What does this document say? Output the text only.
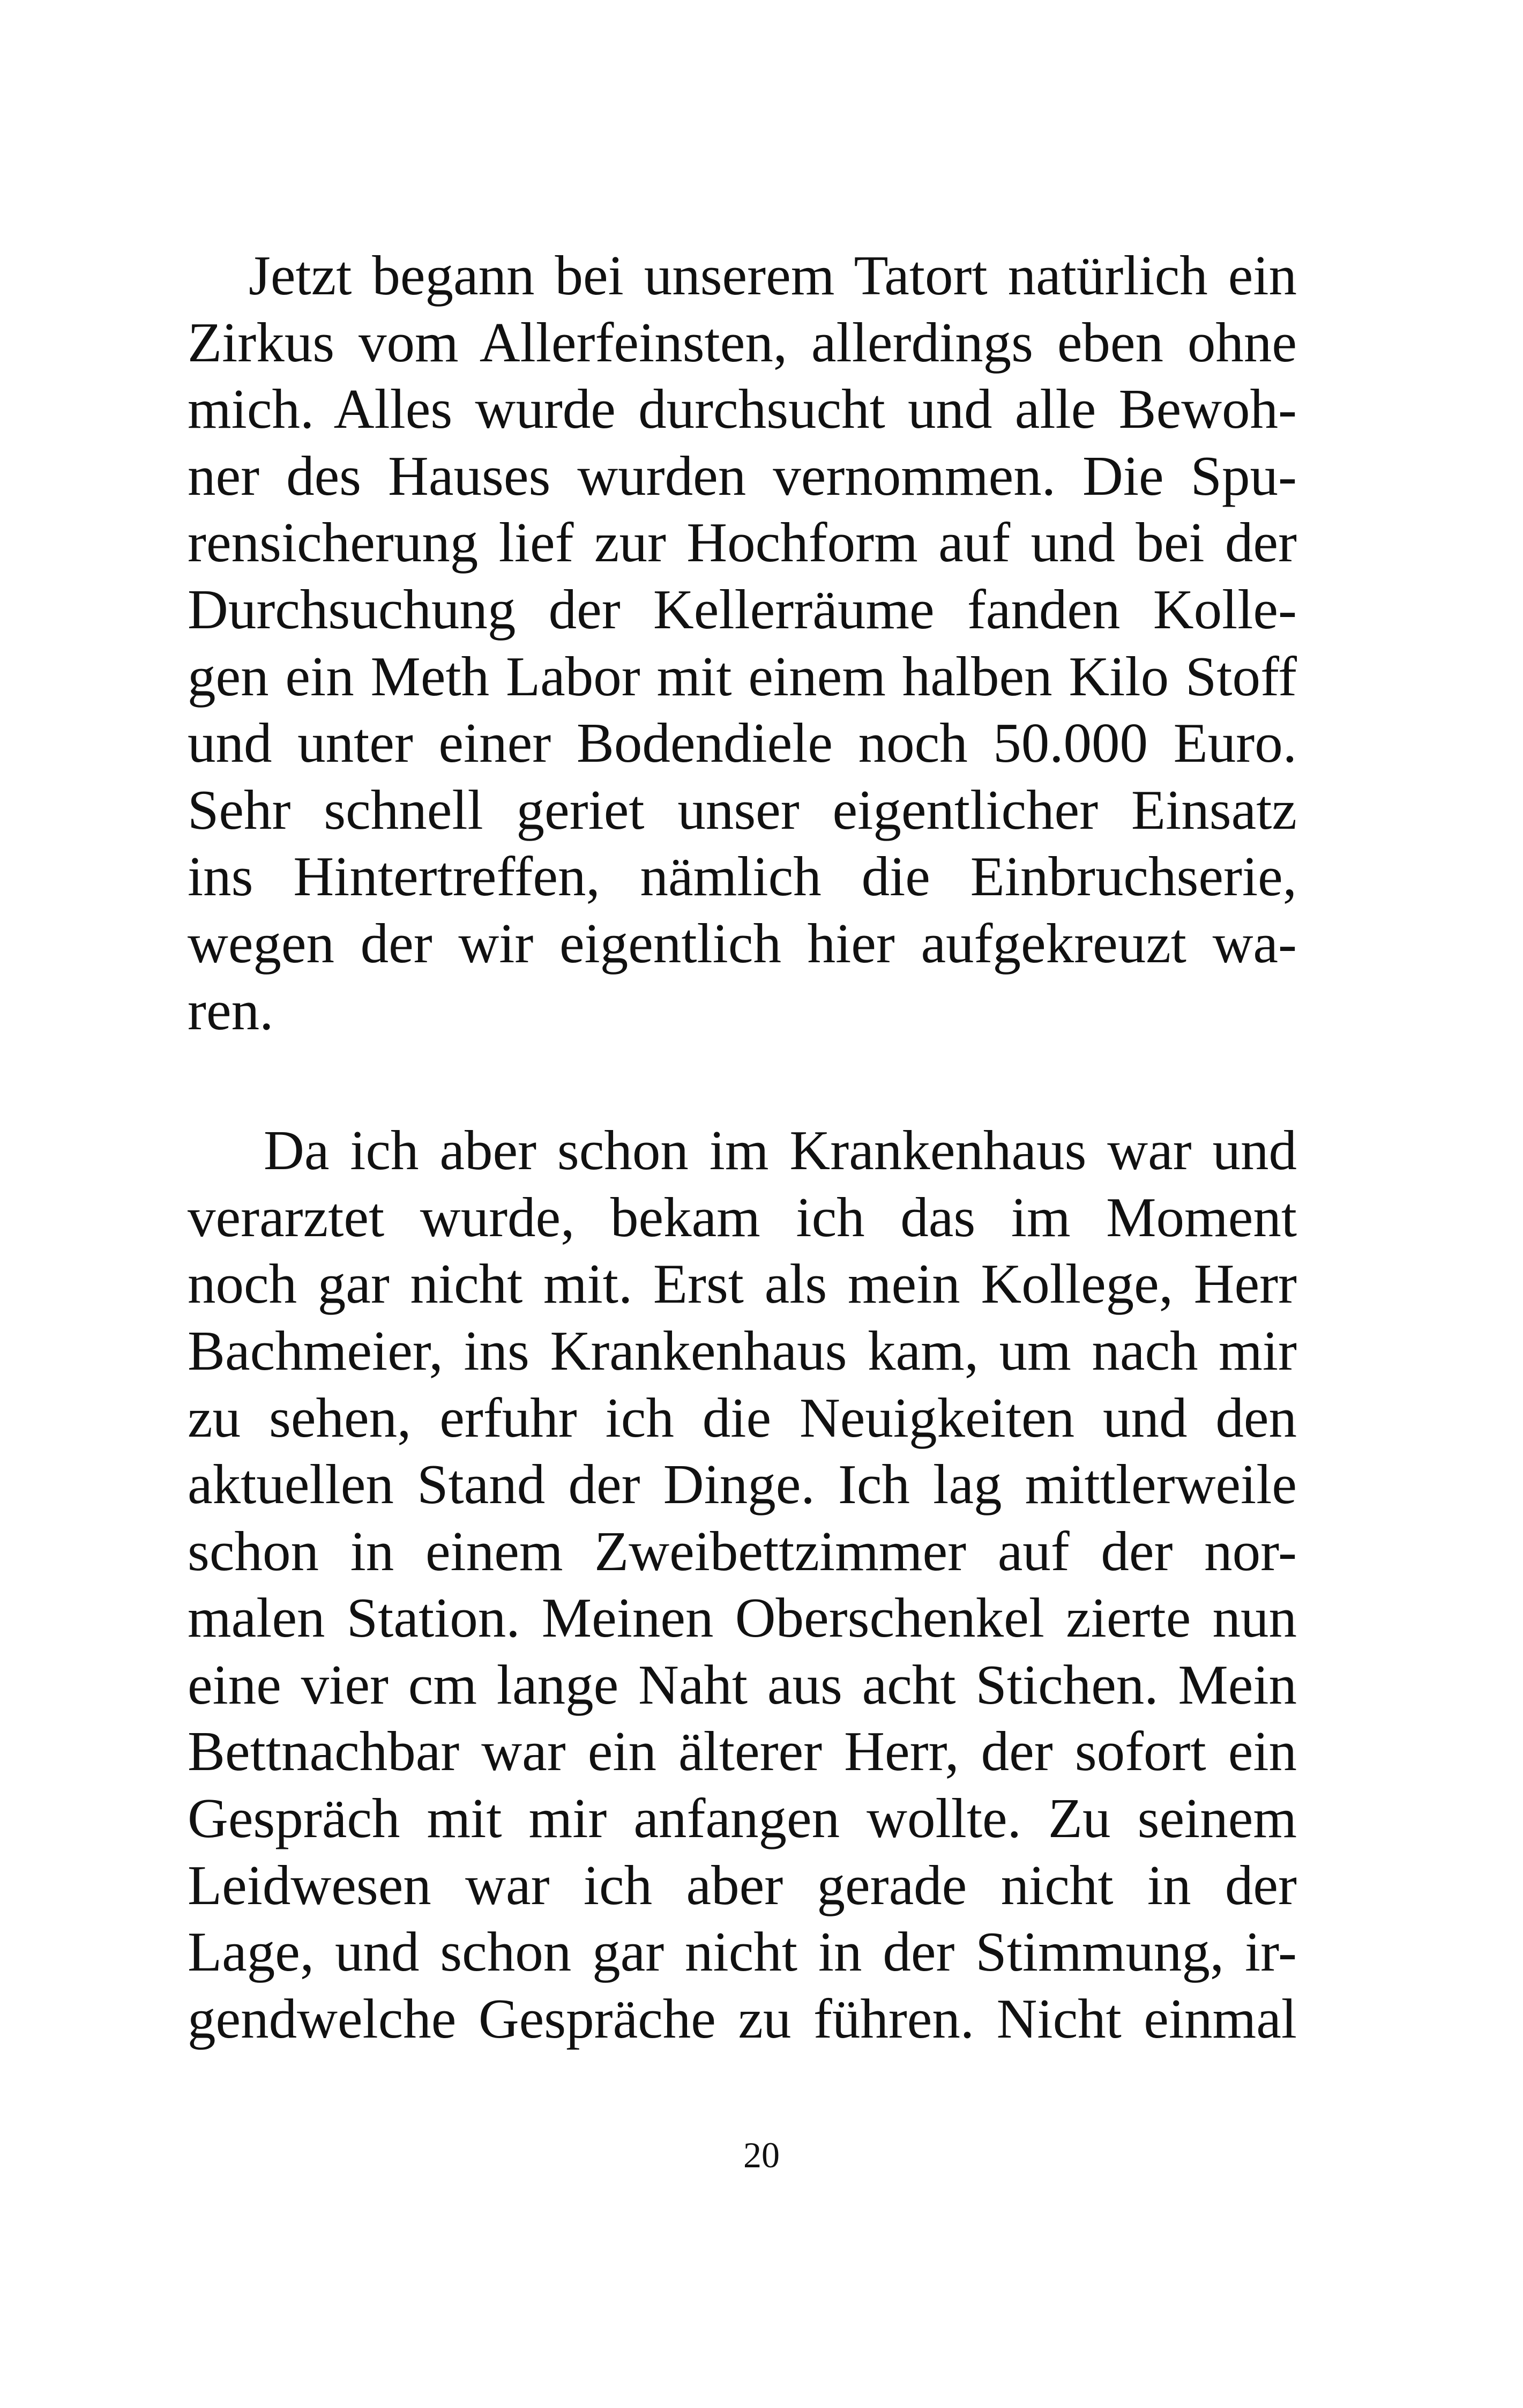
Jetzt begann bei unserem Tatort natürlich ein
Zirkus vom Allerfeinsten, allerdings eben ohne
mich. Alles wurde durchsucht und alle Bewoh-
ner des Hauses wurden vernommen. Die Spu-
rensicherung lief zur Hochform auf und bei der
Durchsuchung der Kellerräume fanden Kolle-
gen ein Meth Labor mit einem halben Kilo Stoff
und unter einer Bodendiele noch 50.000 Euro.
Sehr schnell geriet unser eigentlicher Einsatz
ins Hintertreffen, nämlich die Einbruchserie,
wegen der wir eigentlich hier aufgekreuzt wa-
ren.

Da ich aber schon im Krankenhaus war und
verarztet wurde, bekam ich das im Moment
noch gar nicht mit. Erst als mein Kollege, Herr
Bachmeier, ins Krankenhaus kam, um nach mir
zu sehen, erfuhr ich die Neuigkeiten und den
aktuellen Stand der Dinge. Ich lag mittlerweile
schon in einem Zweibettzimmer auf der nor-
malen Station. Meinen Oberschenkel zierte nun
eine vier cm lange Naht aus acht Stichen. Mein
Bettnachbar war ein älterer Herr, der sofort ein
Gespräch mit mir anfangen wollte. Zu seinem
Leidwesen war ich aber gerade nicht in der
Lage, und schon gar nicht in der Stimmung, ir-
gendwelche Gespräche zu führen. Nicht einmal

20
